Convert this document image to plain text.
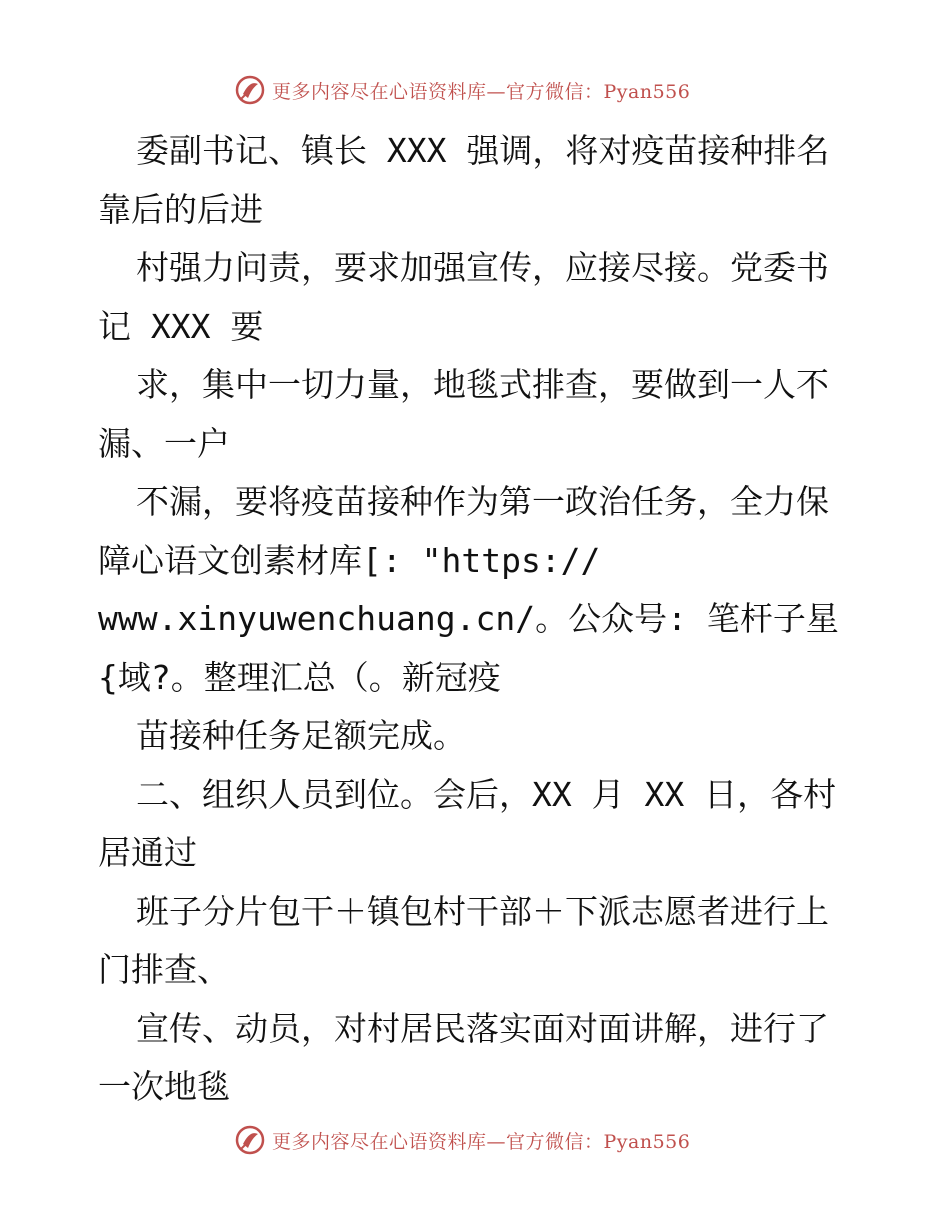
更多内容尽在心语资料库—官方微信：Pyan556
委副书记、镇长 XXX 强调，将对疫苗接种排名
靠后的后进
村强力问责，要求加强宣传，应接尽接。党委书
记 XXX 要
求，集中一切力量，地毯式排查，要做到一人不
漏、一户
不漏，要将疫苗接种作为第一政治任务，全力保
障心语文创素材库[: "https://
www.xinyuwenchuang.cn/。公众号: 笔杆子星
{域?。整理汇总（。新冠疫
苗接种任务足额完成。
二、组织人员到位。会后，XX 月 XX 日，各村
居通过
班子分片包干＋镇包村干部＋下派志愿者进行上
门排查、
宣传、动员，对村居民落实面对面讲解，进行了
一次地毯
更多内容尽在心语资料库—官方微信：Pyan556
